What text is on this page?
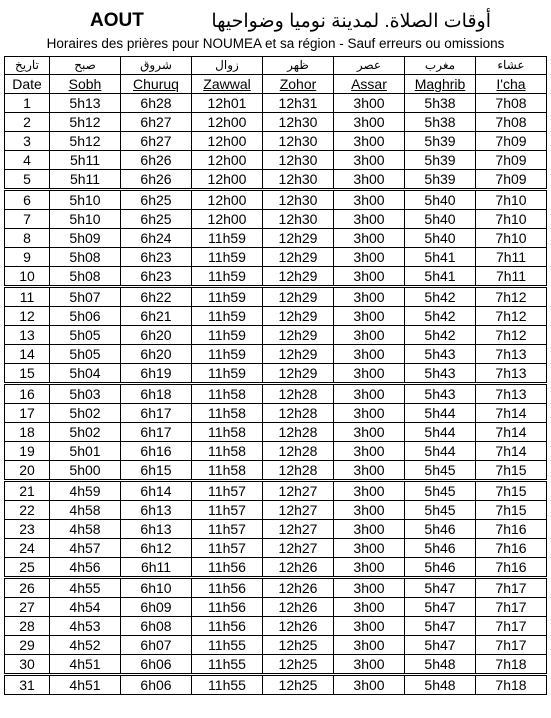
AOUT	أوقات الصلاة. لمدينة نوميا وضواحيها
Horaires des prières pour NOUMEA et sa région - Sauf erreurs ou omissions
تاريخ	صبح	شروق	زوال	ظهر	عصر	مغرب	عشاء
Date	Sobh	Churuq	Zawwal	Zohor	Assar	Maghrib	I'cha
1	5h13	6h28	12h01	12h31	3h00	5h38	7h08
2	5h12	6h27	12h00	12h30	3h00	5h38	7h08
3	5h12	6h27	12h00	12h30	3h00	5h39	7h09
4	5h11	6h26	12h00	12h30	3h00	5h39	7h09
5	5h11	6h26	12h00	12h30	3h00	5h39	7h09
6	5h10	6h25	12h00	12h30	3h00	5h40	7h10
7	5h10	6h25	12h00	12h30	3h00	5h40	7h10
8	5h09	6h24	11h59	12h29	3h00	5h40	7h10
9	5h08	6h23	11h59	12h29	3h00	5h41	7h11
10	5h08	6h23	11h59	12h29	3h00	5h41	7h11
11	5h07	6h22	11h59	12h29	3h00	5h42	7h12
12	5h06	6h21	11h59	12h29	3h00	5h42	7h12
13	5h05	6h20	11h59	12h29	3h00	5h42	7h12
14	5h05	6h20	11h59	12h29	3h00	5h43	7h13
15	5h04	6h19	11h59	12h29	3h00	5h43	7h13
16	5h03	6h18	11h58	12h28	3h00	5h43	7h13
17	5h02	6h17	11h58	12h28	3h00	5h44	7h14
18	5h02	6h17	11h58	12h28	3h00	5h44	7h14
19	5h01	6h16	11h58	12h28	3h00	5h44	7h14
20	5h00	6h15	11h58	12h28	3h00	5h45	7h15
21	4h59	6h14	11h57	12h27	3h00	5h45	7h15
22	4h58	6h13	11h57	12h27	3h00	5h45	7h15
23	4h58	6h13	11h57	12h27	3h00	5h46	7h16
24	4h57	6h12	11h57	12h27	3h00	5h46	7h16
25	4h56	6h11	11h56	12h26	3h00	5h46	7h16
26	4h55	6h10	11h56	12h26	3h00	5h47	7h17
27	4h54	6h09	11h56	12h26	3h00	5h47	7h17
28	4h53	6h08	11h56	12h26	3h00	5h47	7h17
29	4h52	6h07	11h55	12h25	3h00	5h47	7h17
30	4h51	6h06	11h55	12h25	3h00	5h48	7h18
31	4h51	6h06	11h55	12h25	3h00	5h48	7h18
